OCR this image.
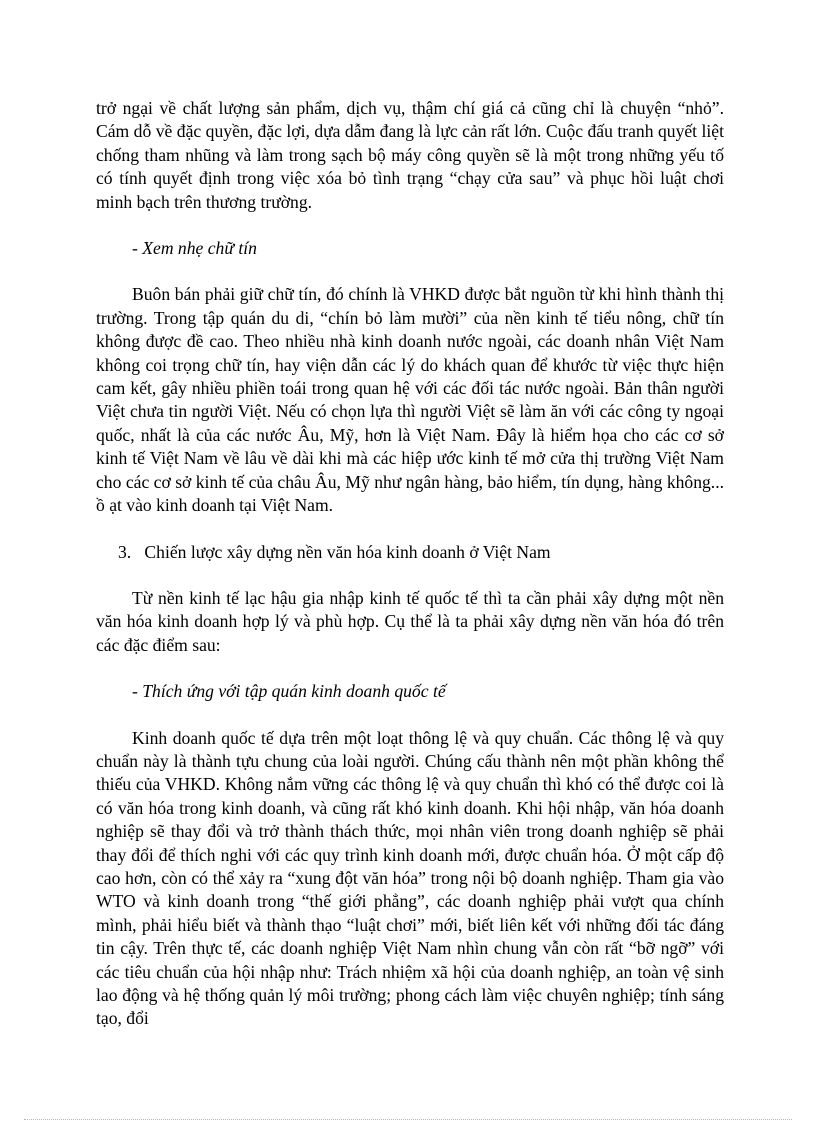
trở ngại về chất lượng sản phẩm, dịch vụ, thậm chí giá cả cũng chỉ là chuyện “nhỏ”. Cám dỗ về đặc quyền, đặc lợi, dựa dẫm đang là lực cản rất lớn. Cuộc đấu tranh quyết liệt chống tham nhũng và làm trong sạch bộ máy công quyền sẽ là một trong những yếu tố có tính quyết định trong việc xóa bỏ tình trạng “chạy cửa sau” và phục hồi luật chơi minh bạch trên thương trường.

- Xem nhẹ chữ tín

Buôn bán phải giữ chữ tín, đó chính là VHKD được bắt nguồn từ khi hình thành thị trường. Trong tập quán du di, “chín bỏ làm mười” của nền kinh tế tiểu nông, chữ tín không được đề cao. Theo nhiều nhà kinh doanh nước ngoài, các doanh nhân Việt Nam không coi trọng chữ tín, hay viện dẫn các lý do khách quan để khước từ việc thực hiện cam kết, gây nhiều phiền toái trong quan hệ với các đối tác nước ngoài. Bản thân người Việt chưa tin người Việt. Nếu có chọn lựa thì người Việt sẽ làm ăn với các công ty ngoại quốc, nhất là của các nước Âu, Mỹ, hơn là Việt Nam. Đây là hiểm họa cho các cơ sở kinh tế Việt Nam về lâu về dài khi mà các hiệp ước kinh tế mở cửa thị trường Việt Nam cho các cơ sở kinh tế của châu Âu, Mỹ như ngân hàng, bảo hiểm, tín dụng, hàng không... ồ ạt vào kinh doanh tại Việt Nam.

3. Chiến lược xây dựng nền văn hóa kinh doanh ở Việt Nam

Từ nền kinh tế lạc hậu gia nhập kinh tế quốc tế thì ta cần phải xây dựng một nền văn hóa kinh doanh hợp lý và phù hợp. Cụ thể là ta phải xây dựng nền văn hóa đó trên các đặc điểm sau:

- Thích ứng với tập quán kinh doanh quốc tế

Kinh doanh quốc tế dựa trên một loạt thông lệ và quy chuẩn. Các thông lệ và quy chuẩn này là thành tựu chung của loài người. Chúng cấu thành nên một phần không thể thiếu của VHKD. Không nắm vững các thông lệ và quy chuẩn thì khó có thể được coi là có văn hóa trong kinh doanh, và cũng rất khó kinh doanh. Khi hội nhập, văn hóa doanh nghiệp sẽ thay đổi và trở thành thách thức, mọi nhân viên trong doanh nghiệp sẽ phải thay đổi để thích nghi với các quy trình kinh doanh mới, được chuẩn hóa. Ở một cấp độ cao hơn, còn có thể xảy ra “xung đột văn hóa” trong nội bộ doanh nghiệp. Tham gia vào WTO và kinh doanh trong “thế giới phẳng”, các doanh nghiệp phải vượt qua chính mình, phải hiểu biết và thành thạo “luật chơi” mới, biết liên kết với những đối tác đáng tin cậy. Trên thực tế, các doanh nghiệp Việt Nam nhìn chung vẫn còn rất “bỡ ngỡ” với các tiêu chuẩn của hội nhập như: Trách nhiệm xã hội của doanh nghiệp, an toàn vệ sinh lao động và hệ thống quản lý môi trường; phong cách làm việc chuyên nghiệp; tính sáng tạo, đổi
